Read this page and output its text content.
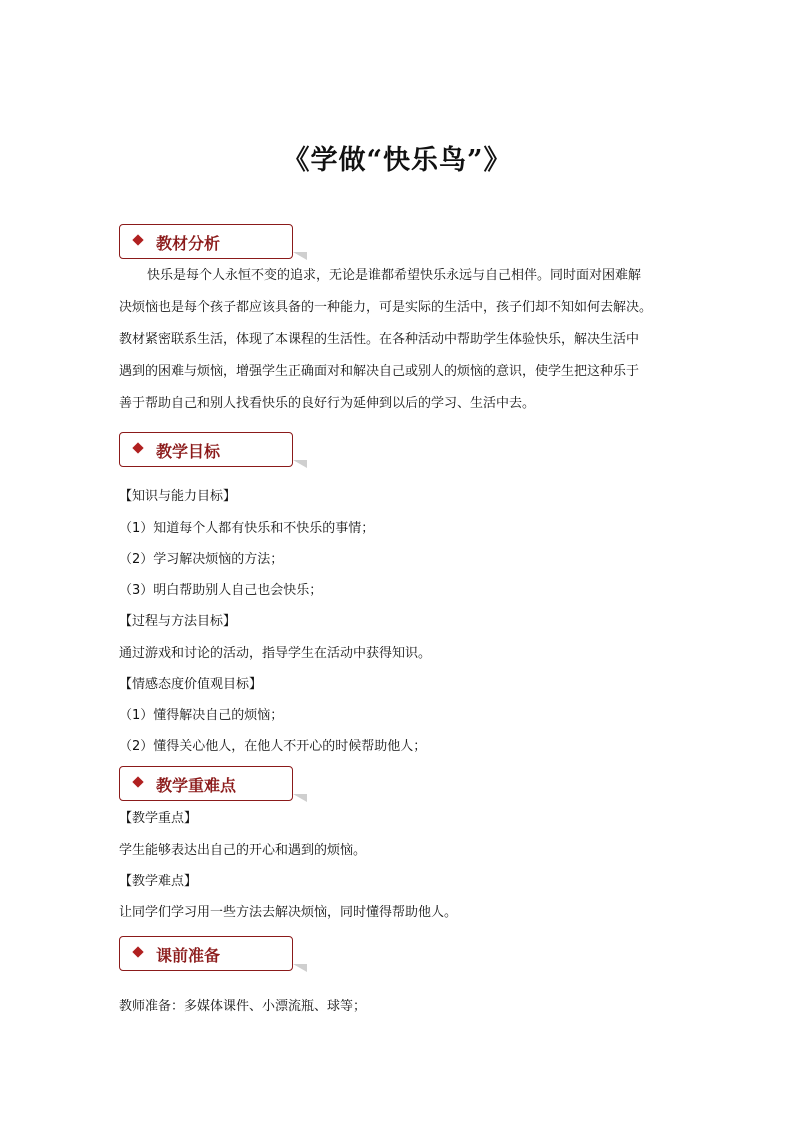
《学做“快乐鸟”》
教材分析
快乐是每个人永恒不变的追求，无论是谁都希望快乐永远与自己相伴。同时面对困难解
决烦恼也是每个孩子都应该具备的一种能力，可是实际的生活中，孩子们却不知如何去解决。
教材紧密联系生活，体现了本课程的生活性。在各种活动中帮助学生体验快乐，解决生活中
遇到的困难与烦恼，增强学生正确面对和解决自己或别人的烦恼的意识，使学生把这种乐于
善于帮助自己和别人找看快乐的良好行为延伸到以后的学习、生活中去。
教学目标
【知识与能力目标】
（1）知道每个人都有快乐和不快乐的事情；
（2）学习解决烦恼的方法；
（3）明白帮助别人自己也会快乐；
【过程与方法目标】
通过游戏和讨论的活动，指导学生在活动中获得知识。
【情感态度价值观目标】
（1）懂得解决自己的烦恼；
（2）懂得关心他人，在他人不开心的时候帮助他人；
教学重难点
【教学重点】
学生能够表达出自己的开心和遇到的烦恼。
【教学难点】
让同学们学习用一些方法去解决烦恼，同时懂得帮助他人。
课前准备
教师准备：多媒体课件、小漂流瓶、球等；
